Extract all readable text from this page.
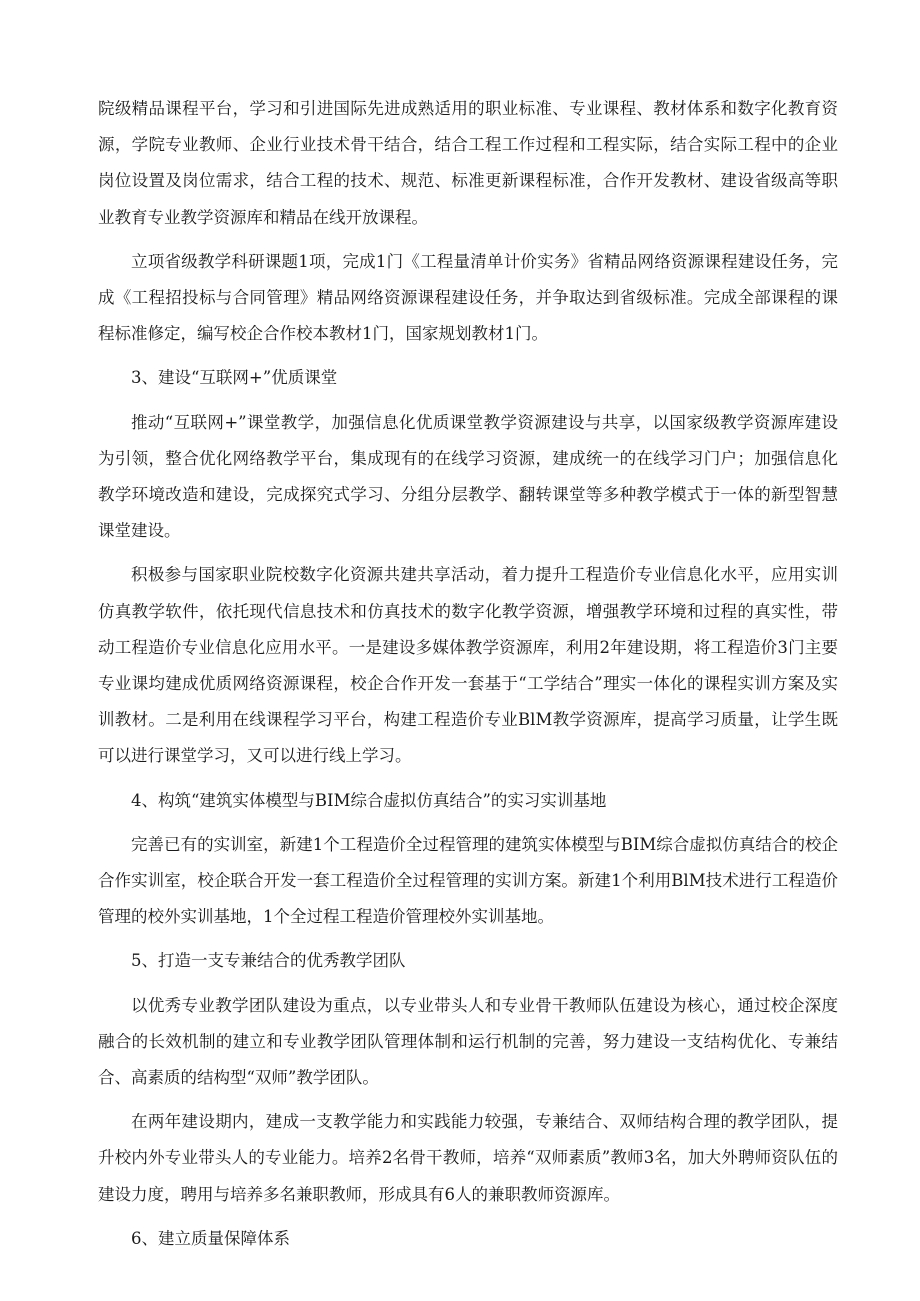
院级精品课程平台，学习和引进国际先进成熟适用的职业标准、专业课程、教材体系和数字化教育资源，学院专业教师、企业行业技术骨干结合，结合工程工作过程和工程实际，结合实际工程中的企业岗位设置及岗位需求，结合工程的技术、规范、标准更新课程标准，合作开发教材、建设省级高等职业教育专业教学资源库和精品在线开放课程。

立项省级教学科研课题1项，完成1门《工程量清单计价实务》省精品网络资源课程建设任务，完成《工程招投标与合同管理》精品网络资源课程建设任务，并争取达到省级标准。完成全部课程的课程标准修定，编写校企合作校本教材1门，国家规划教材1门。

3、建设“互联网+”优质课堂

推动“互联网+”课堂教学，加强信息化优质课堂教学资源建设与共享，以国家级教学资源库建设为引领，整合优化网络教学平台，集成现有的在线学习资源，建成统一的在线学习门户；加强信息化教学环境改造和建设，完成探究式学习、分组分层教学、翻转课堂等多种教学模式于一体的新型智慧课堂建设。

积极参与国家职业院校数字化资源共建共享活动，着力提升工程造价专业信息化水平，应用实训仿真教学软件，依托现代信息技术和仿真技术的数字化教学资源，增强教学环境和过程的真实性，带动工程造价专业信息化应用水平。一是建设多媒体教学资源库，利用2年建设期，将工程造价3门主要专业课均建成优质网络资源课程，校企合作开发一套基于“工学结合”理实一体化的课程实训方案及实训教材。二是利用在线课程学习平台，构建工程造价专业BlM教学资源库，提高学习质量，让学生既可以进行课堂学习，又可以进行线上学习。

4、构筑“建筑实体模型与BIM综合虚拟仿真结合”的实习实训基地

完善已有的实训室，新建1个工程造价全过程管理的建筑实体模型与BIM综合虚拟仿真结合的校企合作实训室，校企联合开发一套工程造价全过程管理的实训方案。新建1个利用BlM技术进行工程造价管理的校外实训基地，1个全过程工程造价管理校外实训基地。

5、打造一支专兼结合的优秀教学团队

以优秀专业教学团队建设为重点，以专业带头人和专业骨干教师队伍建设为核心，通过校企深度融合的长效机制的建立和专业教学团队管理体制和运行机制的完善，努力建设一支结构优化、专兼结合、高素质的结构型“双师”教学团队。

在两年建设期内，建成一支教学能力和实践能力较强，专兼结合、双师结构合理的教学团队，提升校内外专业带头人的专业能力。培养2名骨干教师，培养“双师素质”教师3名，加大外聘师资队伍的建设力度，聘用与培养多名兼职教师，形成具有6人的兼职教师资源库。

6、建立质量保障体系
